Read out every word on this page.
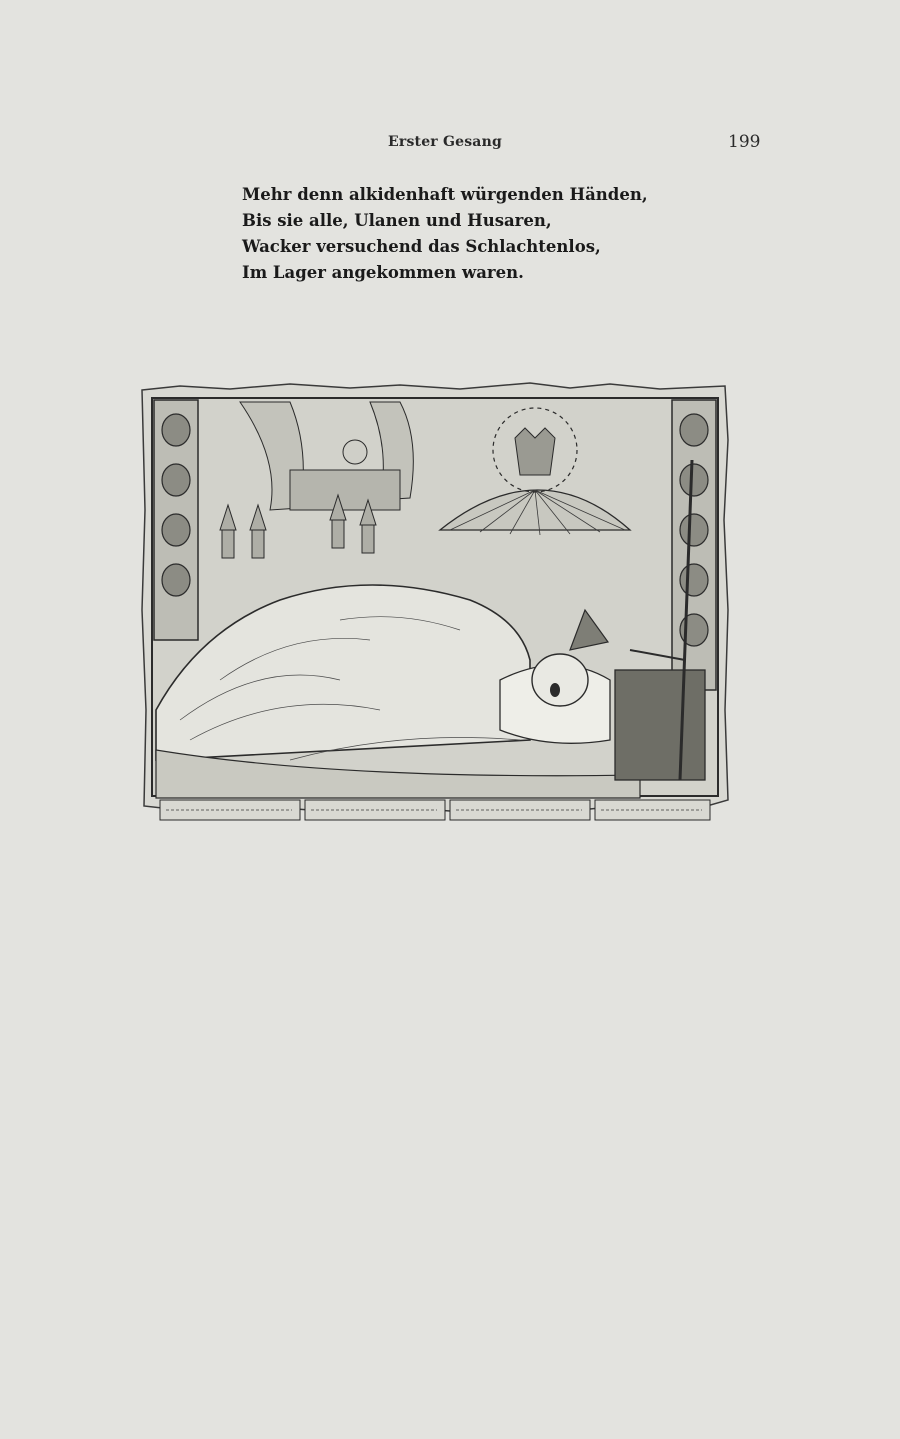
Erster Gesang	199
Mehr denn alkidenhaft würgenden Händen,
Bis sie alle, Ulanen und Husaren,
Wacker versuchend das Schlachtenlos,
Im Lager angekommen waren.
